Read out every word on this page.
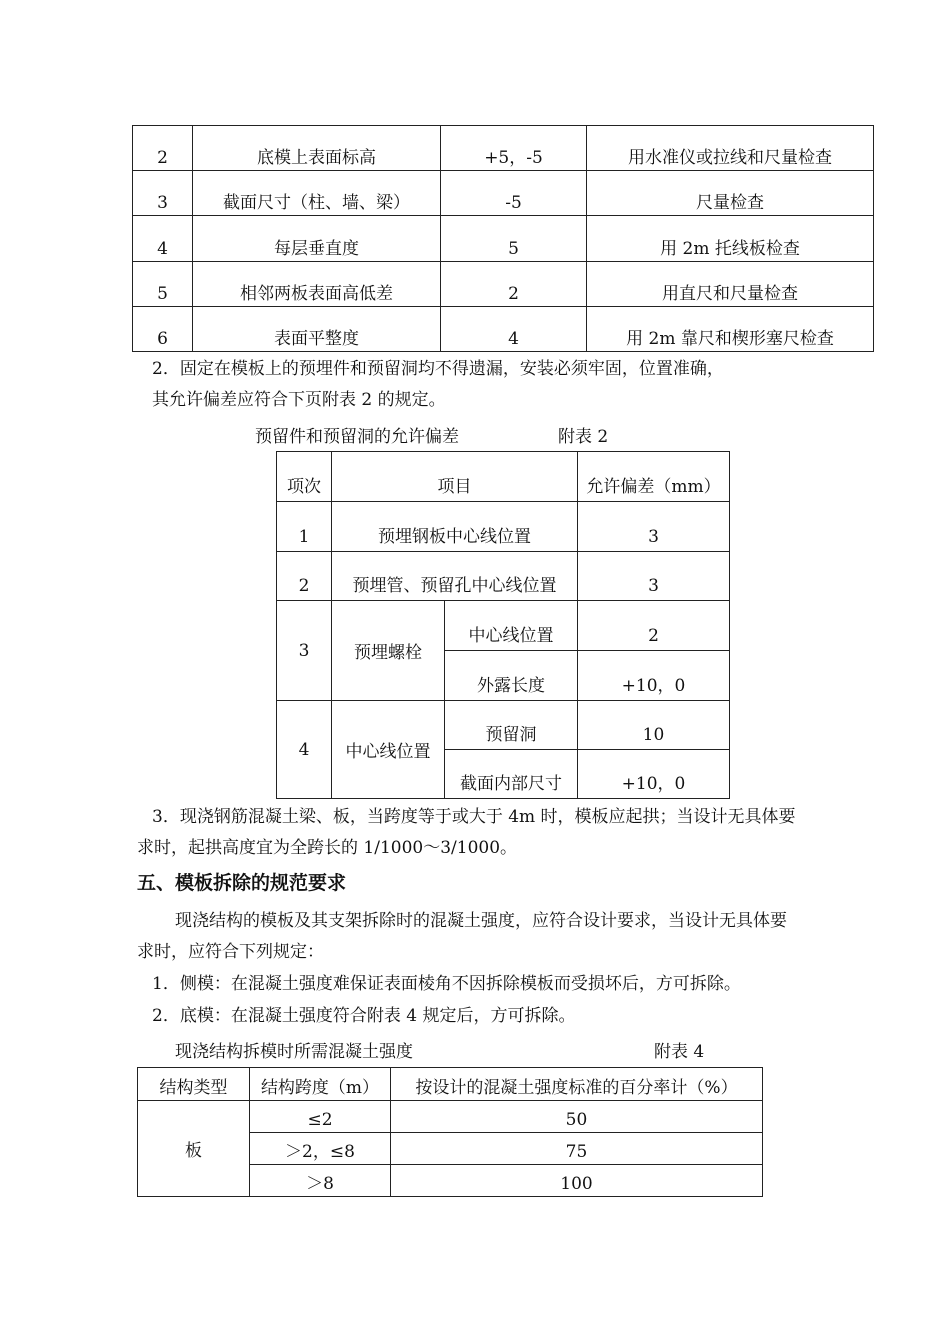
2	底模上表面标高	+5，-5	用水准仪或拉线和尺量检查
3	截面尺寸（柱、墙、梁）	-5	尺量检查
4	每层垂直度	5	用 2m 托线板检查
5	相邻两板表面高低差	2	用直尺和尺量检查
6	表面平整度	4	用 2m 靠尺和楔形塞尺检查
2．固定在模板上的预埋件和预留洞均不得遗漏，安装必须牢固，位置准确，
其允许偏差应符合下页附表 2 的规定。
预留件和预留洞的允许偏差	附表 2
项次	项目		允许偏差（mm）
1	预埋钢板中心线位置		3
2	预埋管、预留孔中心线位置		3
3	预埋螺栓	中心线位置	2
		外露长度	+10，0
4	中心线位置	预留洞	10
		截面内部尺寸	+10，0
3．现浇钢筋混凝土梁、板，当跨度等于或大于 4m 时，模板应起拱；当设计无具体要
求时，起拱高度宜为全跨长的 1/1000～3/1000。
五、模板拆除的规范要求
现浇结构的模板及其支架拆除时的混凝土强度，应符合设计要求，当设计无具体要
求时，应符合下列规定：
1．侧模：在混凝土强度难保证表面棱角不因拆除模板而受损坏后，方可拆除。
2．底模：在混凝土强度符合附表 4 规定后，方可拆除。
现浇结构拆模时所需混凝土强度	附表 4
结构类型	结构跨度（m）	按设计的混凝土强度标准的百分率计（%）
板	≤2	50
	＞2，≤8	75
	＞8	100
